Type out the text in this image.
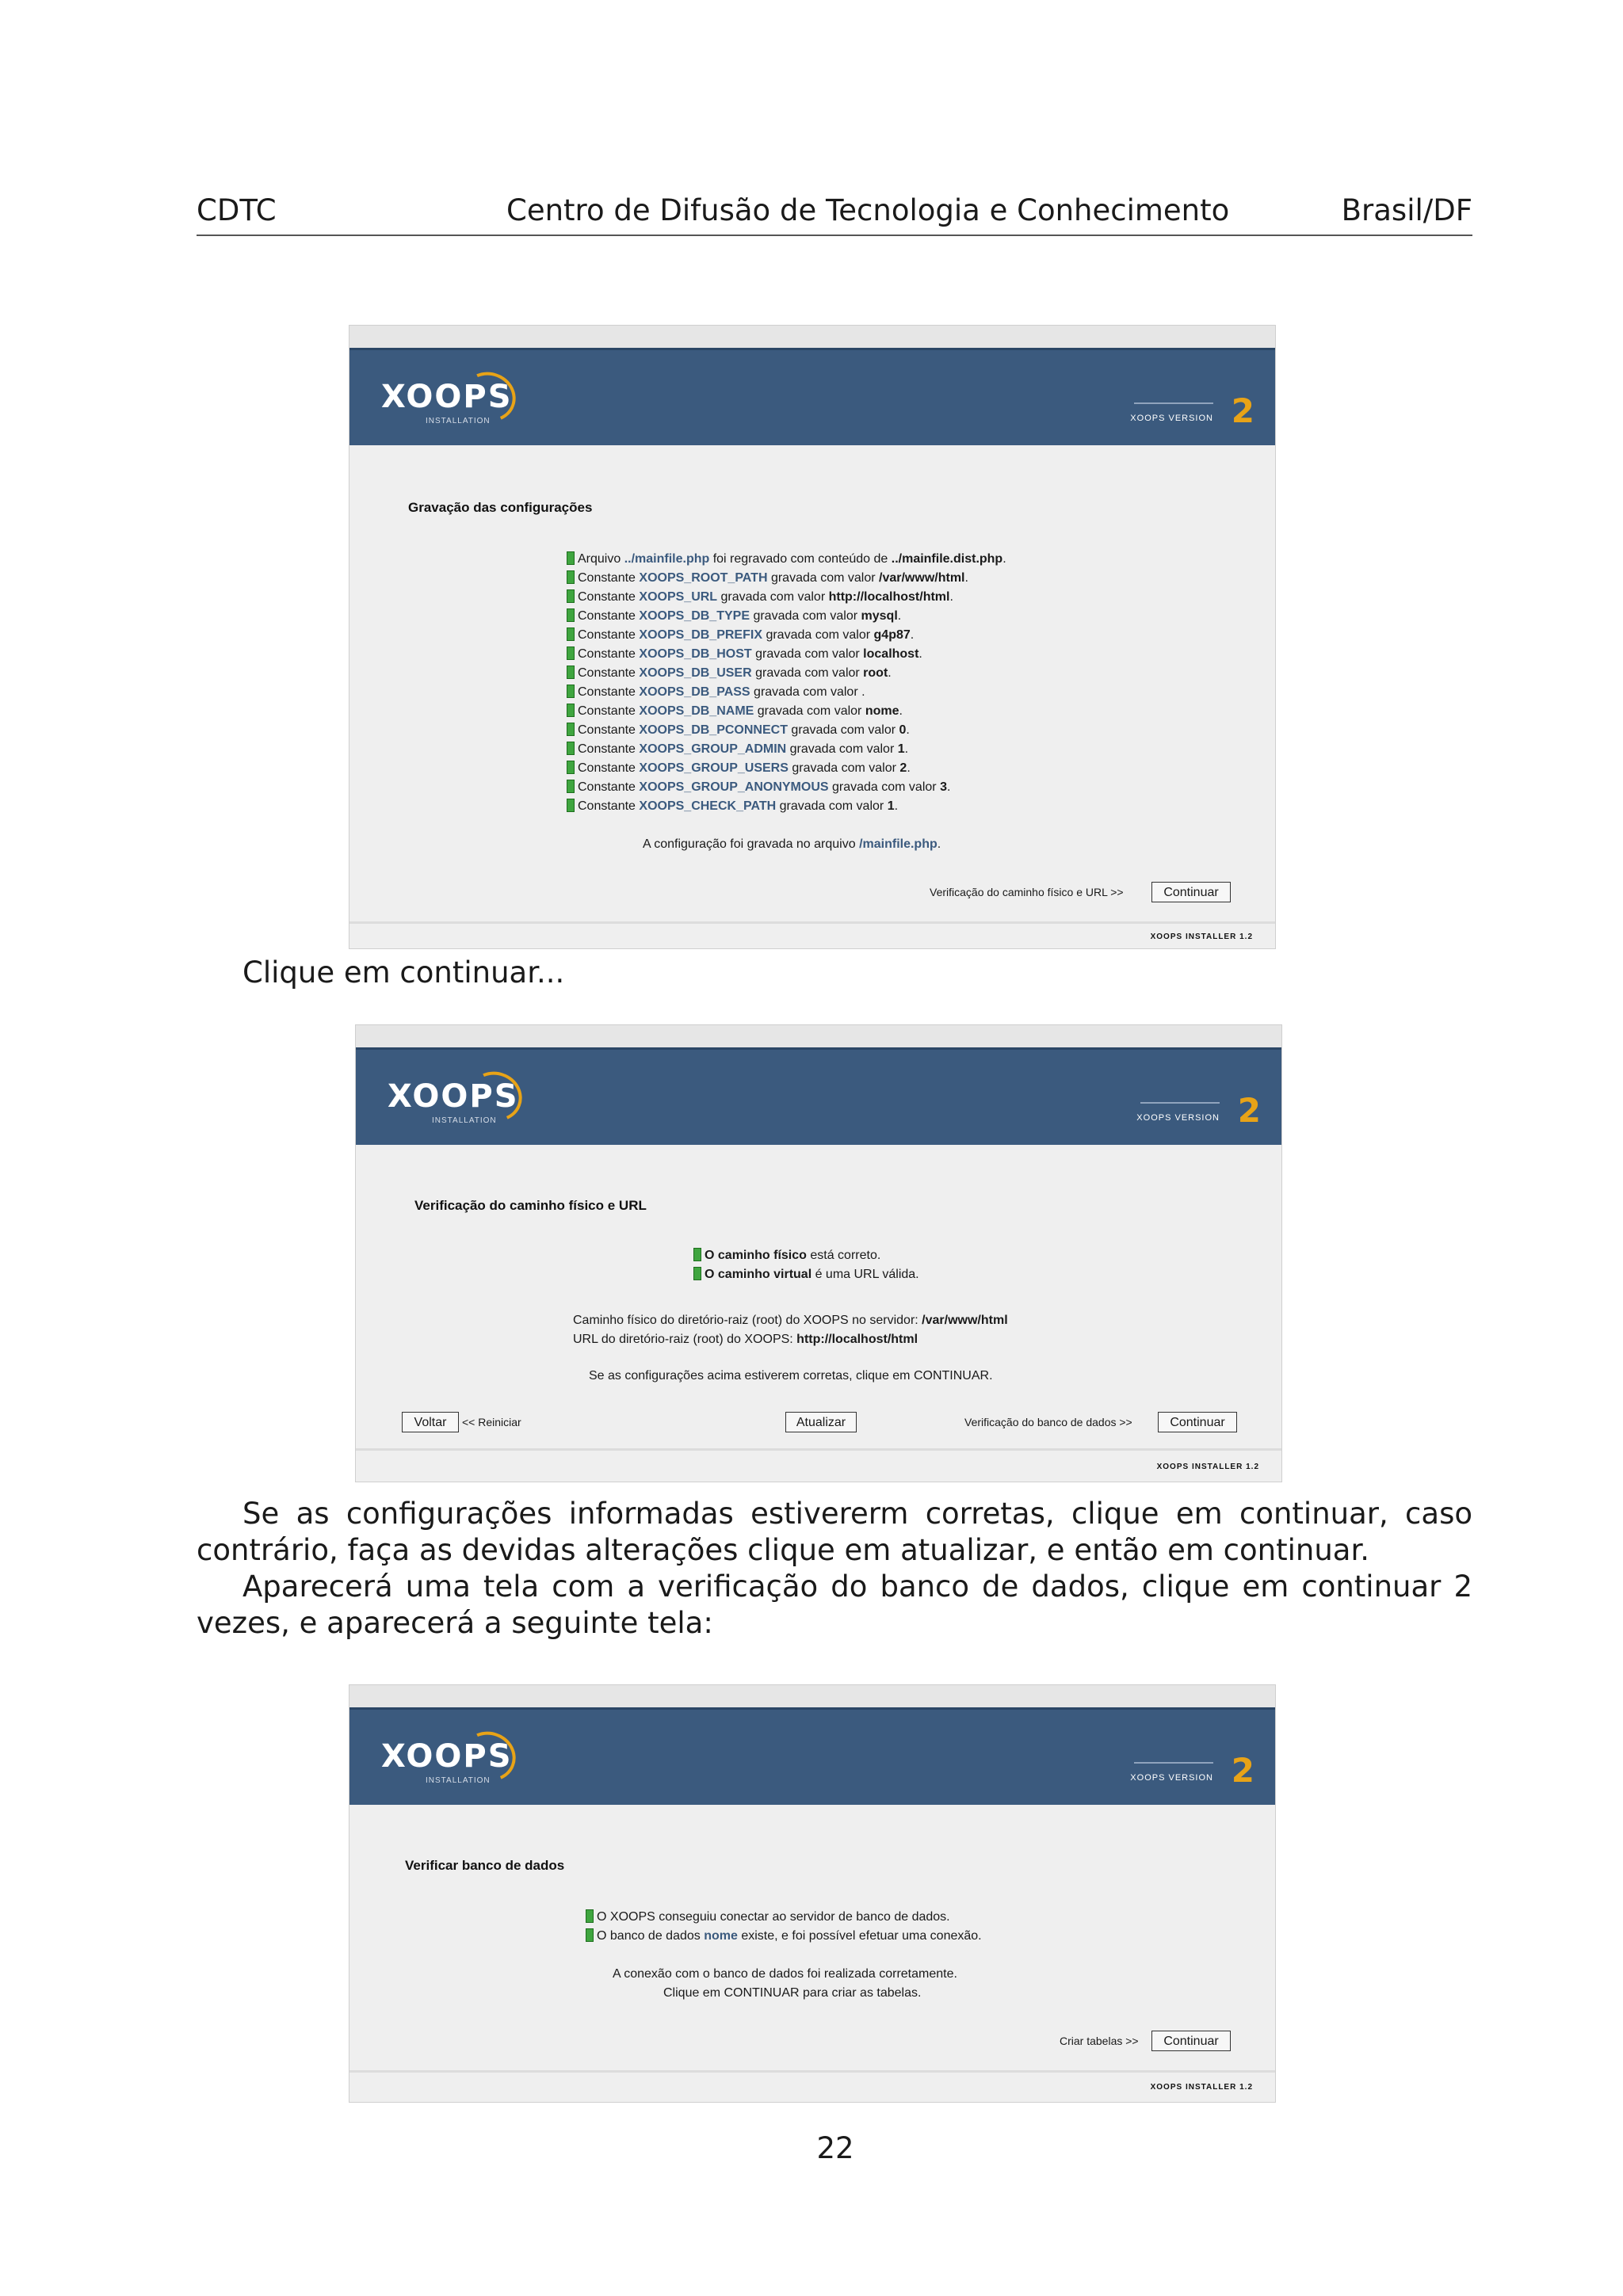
CDTC	Centro de Difusão de Tecnologia e Conhecimento	Brasil/DF
XOOPS
INSTALLATION	XOOPS VERSION 2
Gravação das configurações
Arquivo ../mainfile.php foi regravado com conteúdo de ../mainfile.dist.php.
Constante XOOPS_ROOT_PATH gravada com valor /var/www/html.
Constante XOOPS_URL gravada com valor http://localhost/html.
Constante XOOPS_DB_TYPE gravada com valor mysql.
Constante XOOPS_DB_PREFIX gravada com valor g4p87.
Constante XOOPS_DB_HOST gravada com valor localhost.
Constante XOOPS_DB_USER gravada com valor root.
Constante XOOPS_DB_PASS gravada com valor .
Constante XOOPS_DB_NAME gravada com valor nome.
Constante XOOPS_DB_PCONNECT gravada com valor 0.
Constante XOOPS_GROUP_ADMIN gravada com valor 1.
Constante XOOPS_GROUP_USERS gravada com valor 2.
Constante XOOPS_GROUP_ANONYMOUS gravada com valor 3.
Constante XOOPS_CHECK_PATH gravada com valor 1.
A configuração foi gravada no arquivo /mainfile.php.
Verificação do caminho físico e URL >>	Continuar
XOOPS INSTALLER 1.2
Clique em continuar...
XOOPS
INSTALLATION	XOOPS VERSION 2
Verificação do caminho físico e URL
O caminho físico está correto.
O caminho virtual é uma URL válida.
Caminho físico do diretório-raiz (root) do XOOPS no servidor: /var/www/html
URL do diretório-raiz (root) do XOOPS: http://localhost/html
Se as configurações acima estiverem corretas, clique em CONTINUAR.
Voltar	<< Reiniciar	Atualizar	Verificação do banco de dados >>	Continuar
XOOPS INSTALLER 1.2
Se as configurações informadas estivererm corretas, clique em continuar, caso contrário, faça as devidas alterações clique em atualizar, e então em continuar.
Aparecerá uma tela com a verificação do banco de dados, clique em continuar 2 vezes, e aparecerá a seguinte tela:
XOOPS
INSTALLATION	XOOPS VERSION 2
Verificar banco de dados
O XOOPS conseguiu conectar ao servidor de banco de dados.
O banco de dados nome existe, e foi possível efetuar uma conexão.
A conexão com o banco de dados foi realizada corretamente.
Clique em CONTINUAR para criar as tabelas.
Criar tabelas >>	Continuar
XOOPS INSTALLER 1.2
22
